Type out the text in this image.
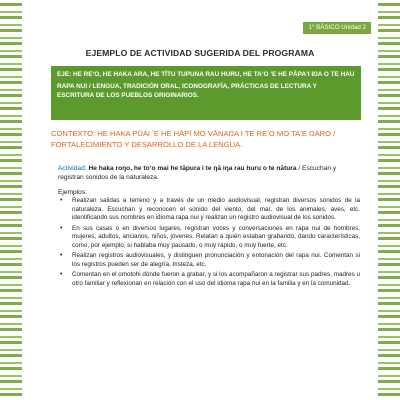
1° BÁSICO Unidad 2
EJEMPLO DE ACTIVIDAD SUGERIDA DEL PROGRAMA

EJE: HE REʼO, HE HAKA ARA, HE TĪTU TUPUNA RAU HURU, HE TAʼO ʼE HE PĀPAʼI IŊA O TE HAU

RAPA NUI / LENGUA, TRADICIÓN ORAL, ICONOGRAFÍA, PRÁCTICAS DE LECTURA Y ESCRITURA DE LOS PUEBLOS ORIGINARIOS.

CONTEXTO: HE HAKA PŪAI ʼE HE HĀPĪ MO VĀNAŊA I TE REʼO MO TAʼE ŊARO / FORTALECIMIENTO Y DESARROLLO DE LA LENGUA.
Actividad: He haka roŋo, he toʼo mai he tāpura i te ŋā iŋa rau huru o te nātura / Escuchan y registran sonidos de la naturaleza.
Ejemplos:
• Realizan salidas a terreno y a través de un medio audiovisual, registran diversos sonidos de la naturaleza. Escuchan y reconocen el sonido del viento, del mar, de los animales, aves, etc. identificando sus nombres en idioma rapa nui y realizan un registro audiovisual de los sonidos.
• En sus casas o en diversos lugares, registran voces y conversaciones en rapa nui de hombres, mujeres, adultos, ancianos, niños, jóvenes. Relatan a quién estaban grabando, dando características, como, por ejemplo, si hablaba muy pausado, o muy rápido, o muy fuerte, etc.
• Realizan registros audiovisuales, y distinguen pronunciación y entonación del rapa nui. Comentan si los registros pueden ser de alegría, tristeza, etc.
• Comentan en el omotohi dónde fueron a grabar, y si los acompañaron a registrar sus padres, madres u otro familiar y reflexionan en relación con el uso del idioma rapa nui en la familia y en la comunidad.
